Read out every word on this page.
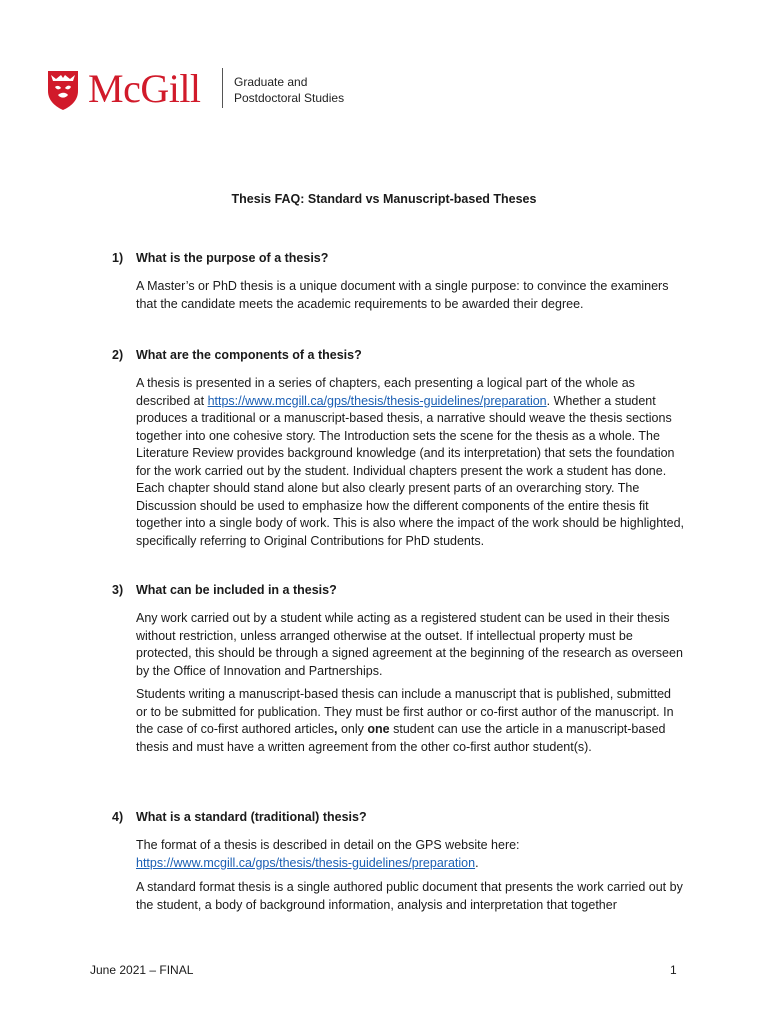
McGill	Graduate and
Postdoctoral Studies
Thesis FAQ: Standard vs Manuscript-based Theses
1) What is the purpose of a thesis?
A Master’s or PhD thesis is a unique document with a single purpose: to convince the examiners that the candidate meets the academic requirements to be awarded their degree.
2) What are the components of a thesis?
A thesis is presented in a series of chapters, each presenting a logical part of the whole as described at https://www.mcgill.ca/gps/thesis/thesis-guidelines/preparation. Whether a student produces a traditional or a manuscript-based thesis, a narrative should weave the thesis sections together into one cohesive story. The Introduction sets the scene for the thesis as a whole. The Literature Review provides background knowledge (and its interpretation) that sets the foundation for the work carried out by the student. Individual chapters present the work a student has done. Each chapter should stand alone but also clearly present parts of an overarching story. The Discussion should be used to emphasize how the different components of the entire thesis fit together into a single body of work. This is also where the impact of the work should be highlighted, specifically referring to Original Contributions for PhD students.
3) What can be included in a thesis?
Any work carried out by a student while acting as a registered student can be used in their thesis without restriction, unless arranged otherwise at the outset. If intellectual property must be protected, this should be through a signed agreement at the beginning of the research as overseen by the Office of Innovation and Partnerships.
Students writing a manuscript-based thesis can include a manuscript that is published, submitted or to be submitted for publication. They must be first author or co-first author of the manuscript. In the case of co-first authored articles, only one student can use the article in a manuscript-based thesis and must have a written agreement from the other co-first author student(s).
4) What is a standard (traditional) thesis?
The format of a thesis is described in detail on the GPS website here: https://www.mcgill.ca/gps/thesis/thesis-guidelines/preparation.
A standard format thesis is a single authored public document that presents the work carried out by the student, a body of background information, analysis and interpretation that together
June 2021 – FINAL	1
